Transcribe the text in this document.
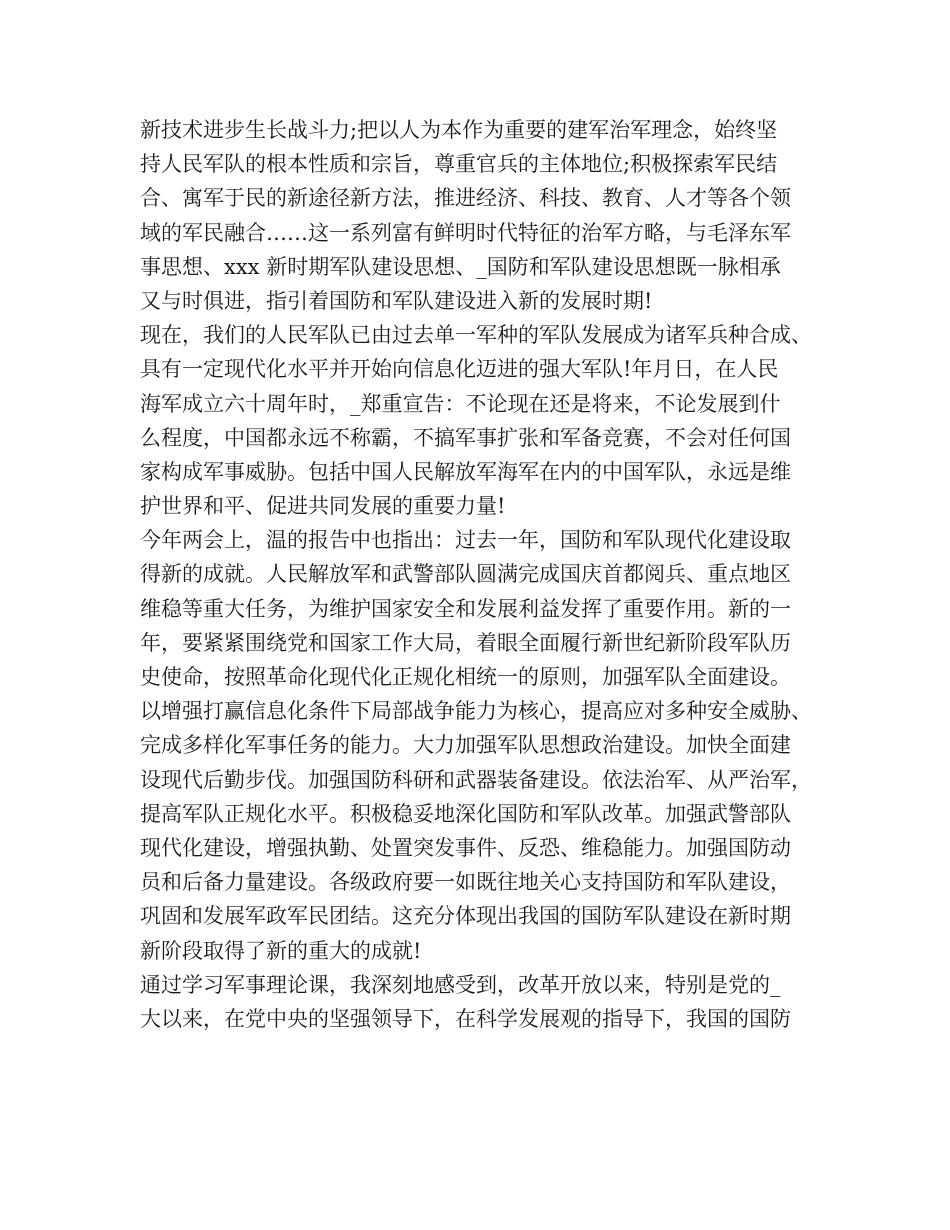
新技术进步生长战斗力;把以人为本作为重要的建军治军理念，始终坚

持人民军队的根本性质和宗旨，尊重官兵的主体地位;积极探索军民结

合、寓军于民的新途径新方法，推进经济、科技、教育、人才等各个领

域的军民融合……这一系列富有鲜明时代特征的治军方略，与毛泽东军

事思想、xxx 新时期军队建设思想、_国防和军队建设思想既一脉相承

又与时俱进，指引着国防和军队建设进入新的发展时期!

现在，我们的人民军队已由过去单一军种的军队发展成为诸军兵种合成、

具有一定现代化水平并开始向信息化迈进的强大军队!年月日，在人民

海军成立六十周年时，_郑重宣告：不论现在还是将来，不论发展到什

么程度，中国都永远不称霸，不搞军事扩张和军备竞赛，不会对任何国

家构成军事威胁。包括中国人民解放军海军在内的中国军队，永远是维

护世界和平、促进共同发展的重要力量!

今年两会上，温的报告中也指出：过去一年，国防和军队现代化建设取

得新的成就。人民解放军和武警部队圆满完成国庆首都阅兵、重点地区

维稳等重大任务，为维护国家安全和发展利益发挥了重要作用。新的一

年，要紧紧围绕党和国家工作大局，着眼全面履行新世纪新阶段军队历

史使命，按照革命化现代化正规化相统一的原则，加强军队全面建设。

以增强打赢信息化条件下局部战争能力为核心，提高应对多种安全威胁、

完成多样化军事任务的能力。大力加强军队思想政治建设。加快全面建

设现代后勤步伐。加强国防科研和武器装备建设。依法治军、从严治军，

提高军队正规化水平。积极稳妥地深化国防和军队改革。加强武警部队

现代化建设，增强执勤、处置突发事件、反恐、维稳能力。加强国防动

员和后备力量建设。各级政府要一如既往地关心支持国防和军队建设，

巩固和发展军政军民团结。这充分体现出我国的国防军队建设在新时期

新阶段取得了新的重大的成就!

通过学习军事理论课，我深刻地感受到，改革开放以来，特别是党的_

大以来，在党中央的坚强领导下，在科学发展观的指导下，我国的国防
